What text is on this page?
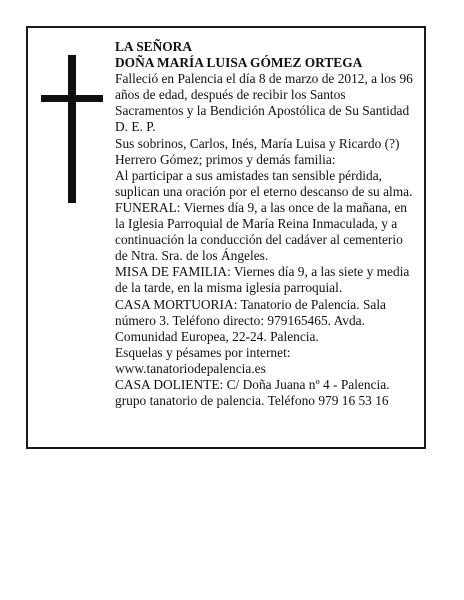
LA SEÑORA

DOÑA MARÍA LUISA GÓMEZ ORTEGA

Falleció en Palencia el día 8 de marzo de 2012, a los 96 años de edad, después de recibir los Santos Sacramentos y la Bendición Apostólica de Su Santidad

D. E. P.

Sus sobrinos, Carlos, Inés, María Luisa y Ricardo (?) Herrero Gómez; primos y demás familia:

Al participar a sus amistades tan sensible pérdida, suplican una oración por el eterno descanso de su alma.

FUNERAL: Viernes día 9, a las once de la mañana, en la Iglesia Parroquial de María Reina Inmaculada, y a continuación la conducción del cadáver al cementerio de Ntra. Sra. de los Ángeles.

MISA DE FAMILIA: Viernes día 9, a las siete y media de la tarde, en la misma iglesia parroquial.

CASA MORTUORIA: Tanatorio de Palencia. Sala número 3. Teléfono directo: 979165465. Avda. Comunidad Europea, 22-24. Palencia.

Esquelas y pésames por internet:

www.tanatoriodepalencia.es

CASA DOLIENTE: C/ Doña Juana nº 4 - Palencia.

grupo tanatorio de palencia. Teléfono 979 16 53 16
